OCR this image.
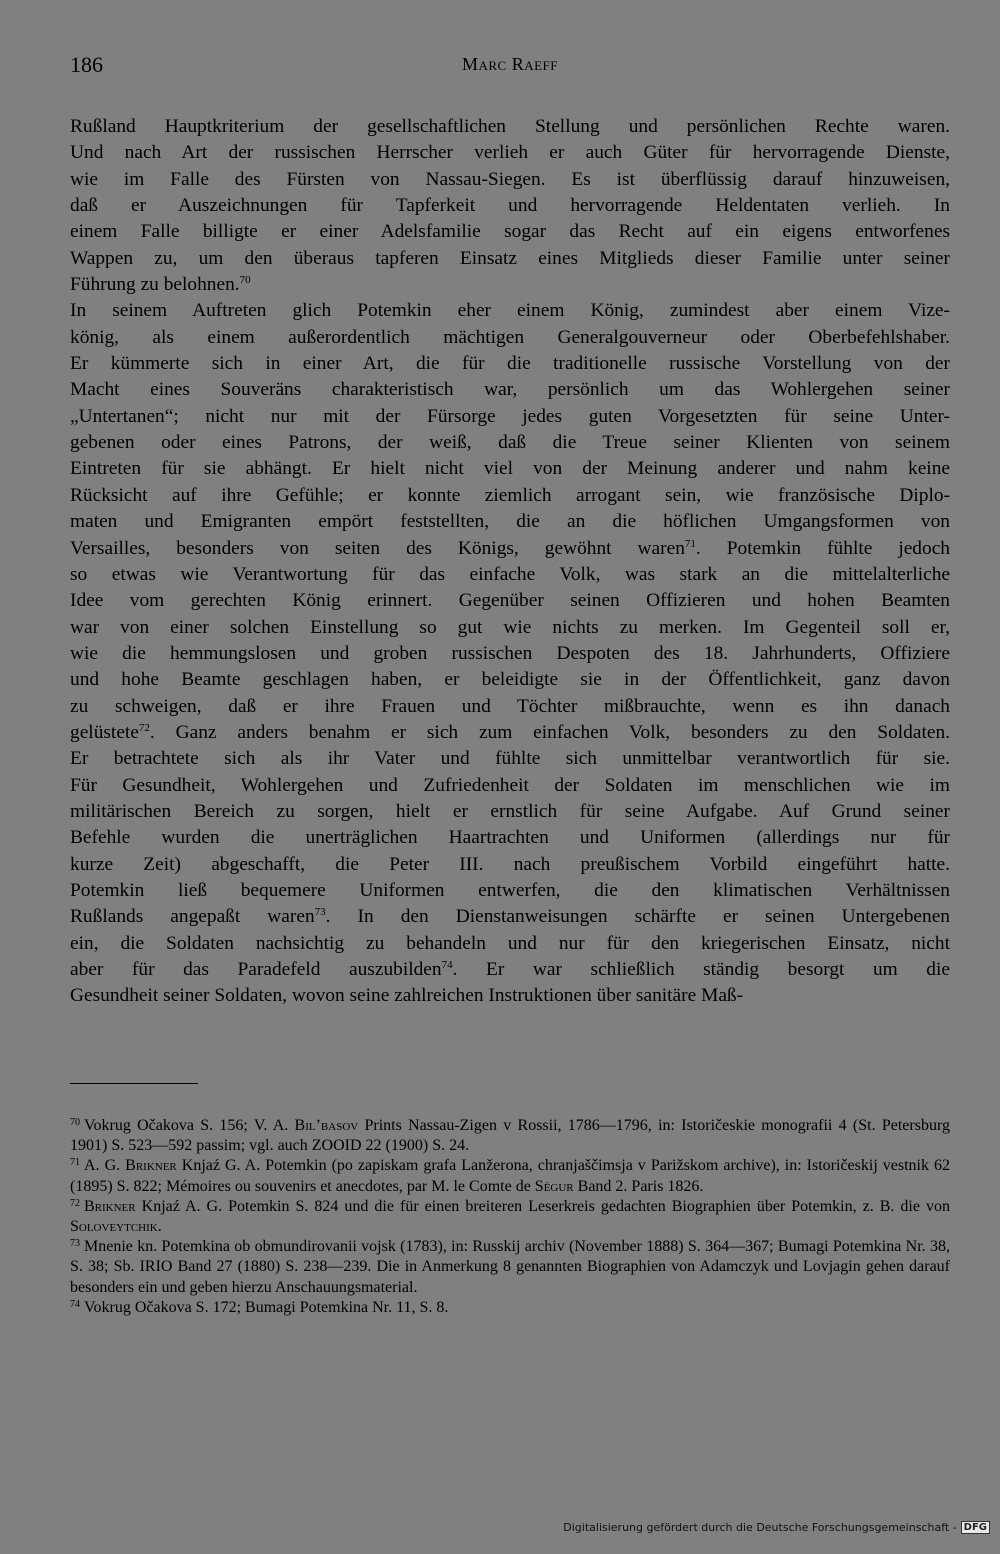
186	Marc Raeff

Rußland Hauptkriterium der gesellschaftlichen Stellung und persönlichen Rechte waren.

Und nach Art der russischen Herrscher verlieh er auch Güter für hervorragende Dienste,

wie im Falle des Fürsten von Nassau-Siegen. Es ist überflüssig darauf hinzuweisen,

daß er Auszeichnungen für Tapferkeit und hervorragende Heldentaten verlieh. In

einem Falle billigte er einer Adelsfamilie sogar das Recht auf ein eigens entworfenes

Wappen zu, um den überaus tapferen Einsatz eines Mitglieds dieser Familie unter seiner

Führung zu belohnen.$^{70}$

In seinem Auftreten glich Potemkin eher einem König, zumindest aber einem Vize-

könig, als einem außerordentlich mächtigen Generalgouverneur oder Oberbefehlshaber.

Er kümmerte sich in einer Art, die für die traditionelle russische Vorstellung von der

Macht eines Souveräns charakteristisch war, persönlich um das Wohlergehen seiner

„Untertanen“; nicht nur mit der Fürsorge jedes guten Vorgesetzten für seine Unter-

gebenen oder eines Patrons, der weiß, daß die Treue seiner Klienten von seinem

Eintreten für sie abhängt. Er hielt nicht viel von der Meinung anderer und nahm keine

Rücksicht auf ihre Gefühle; er konnte ziemlich arrogant sein, wie französische Diplo-

maten und Emigranten empört feststellten, die an die höflichen Umgangsformen von

Versailles, besonders von seiten des Königs, gewöhnt waren$^{71}$. Potemkin fühlte jedoch

so etwas wie Verantwortung für das einfache Volk, was stark an die mittelalterliche

Idee vom gerechten König erinnert. Gegenüber seinen Offizieren und hohen Beamten

war von einer solchen Einstellung so gut wie nichts zu merken. Im Gegenteil soll er,

wie die hemmungslosen und groben russischen Despoten des 18. Jahrhunderts, Offiziere

und hohe Beamte geschlagen haben, er beleidigte sie in der Öffentlichkeit, ganz davon

zu schweigen, daß er ihre Frauen und Töchter mißbrauchte, wenn es ihn danach

gelüstete$^{72}$. Ganz anders benahm er sich zum einfachen Volk, besonders zu den Soldaten.

Er betrachtete sich als ihr Vater und fühlte sich unmittelbar verantwortlich für sie.

Für Gesundheit, Wohlergehen und Zufriedenheit der Soldaten im menschlichen wie im

militärischen Bereich zu sorgen, hielt er ernstlich für seine Aufgabe. Auf Grund seiner

Befehle wurden die unerträglichen Haartrachten und Uniformen (allerdings nur für

kurze Zeit) abgeschafft, die Peter III. nach preußischem Vorbild eingeführt hatte.

Potemkin ließ bequemere Uniformen entwerfen, die den klimatischen Verhältnissen

Rußlands angepaßt waren$^{73}$. In den Dienstanweisungen schärfte er seinen Untergebenen

ein, die Soldaten nachsichtig zu behandeln und nur für den kriegerischen Einsatz, nicht

aber für das Paradefeld auszubilden$^{74}$. Er war schließlich ständig besorgt um die

Gesundheit seiner Soldaten, wovon seine zahlreichen Instruktionen über sanitäre Maß-

$^{70}$ Vokrug Očakova S. 156; V. A. Bil’basov Prints Nassau-Zigen v Rossii, 1786—1796, in: Istoričeskie monografii 4 (St. Petersburg 1901) S. 523—592 passim; vgl. auch ZOOID 22 (1900) S. 24.

$^{71}$ A. G. Brikner Knjaź G. A. Potemkin (po zapiskam grafa Lanžerona, chranjaščimsja v Parižskom archive), in: Istoričeskij vestnik 62 (1895) S. 822; Mémoires ou souvenirs et anecdotes, par M. le Comte de Ségur Band 2. Paris 1826.

$^{72}$ Brikner Knjaź A. G. Potemkin S. 824 und die für einen breiteren Leserkreis gedachten Biographien über Potemkin, z. B. die von Soloveytchik.

$^{73}$ Mnenie kn. Potemkina ob obmundirovanii vojsk (1783), in: Russkij archiv (November 1888) S. 364—367; Bumagi Potemkina Nr. 38, S. 38; Sb. IRIO Band 27 (1880) S. 238—239. Die in Anmerkung 8 genannten Biographien von Adamczyk und Lovjagin gehen darauf besonders ein und geben hierzu Anschauungsmaterial.

$^{74}$ Vokrug Očakova S. 172; Bumagi Potemkina Nr. 11, S. 8.

Digitalisierung gefördert durch die Deutsche Forschungsgemeinschaft - DFG
